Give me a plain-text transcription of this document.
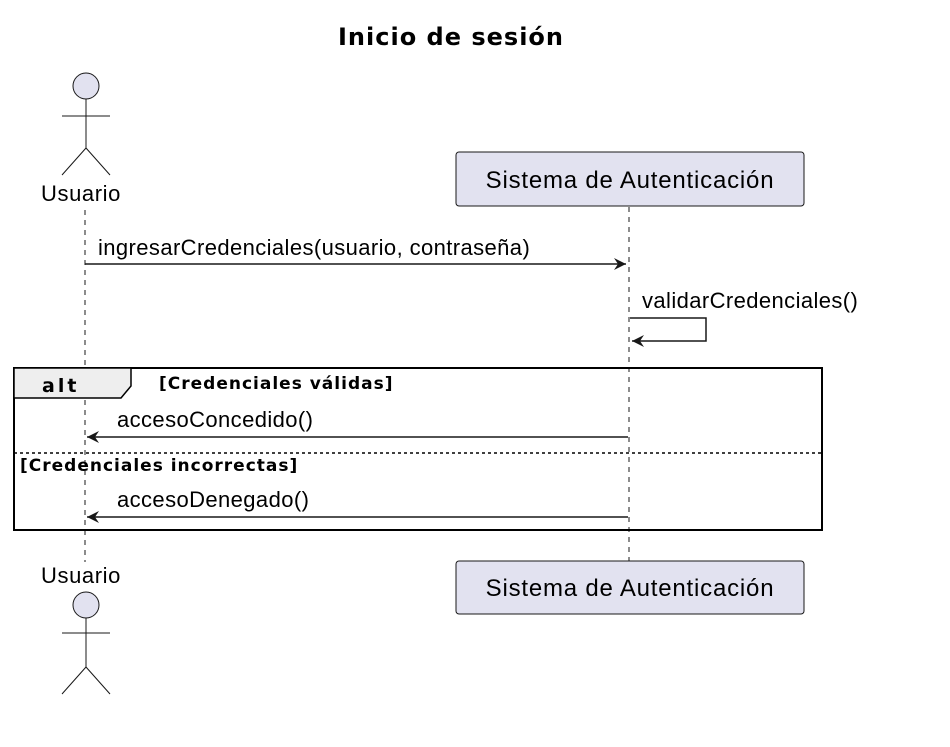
Inicio de sesión
Usuario	Sistema de Autenticación
ingresarCredenciales(usuario, contraseña)
validarCredenciales()
alt	[Credenciales válidas]
[Credenciales incorrectas]
accesoConcedido()
accesoDenegado()
Usuario	Sistema de Autenticación
